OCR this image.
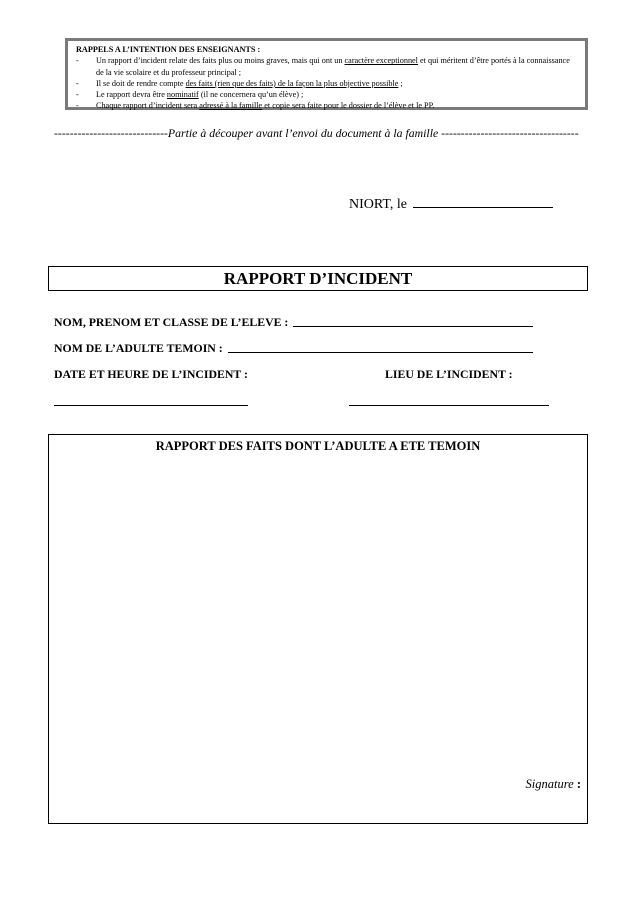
RAPPELS A L’INTENTION DES ENSEIGNANTS :
- Un rapport d’incident relate des faits plus ou moins graves, mais qui ont un caractère exceptionnel et qui méritent d’être portés à la connaissance de la vie scolaire et du professeur principal ;
- Il se doit de rendre compte des faits (rien que des faits) de la façon la plus objective possible ;
- Le rapport devra être nominatif (il ne concernera qu’un élève) ;
- Chaque rapport d’incident sera adressé à la famille et copie sera faite pour le dossier de l’élève et le PP.
-----------------------------Partie à découper avant l’envoi du document à la famille -----------------------------------
NIORT, le
RAPPORT D’INCIDENT
NOM, PRENOM ET CLASSE DE L’ELEVE :
NOM DE L’ADULTE TEMOIN :
DATE ET HEURE DE L’INCIDENT :	LIEU DE L’INCIDENT :
RAPPORT DES FAITS DONT L’ADULTE A ETE TEMOIN
Signature :
